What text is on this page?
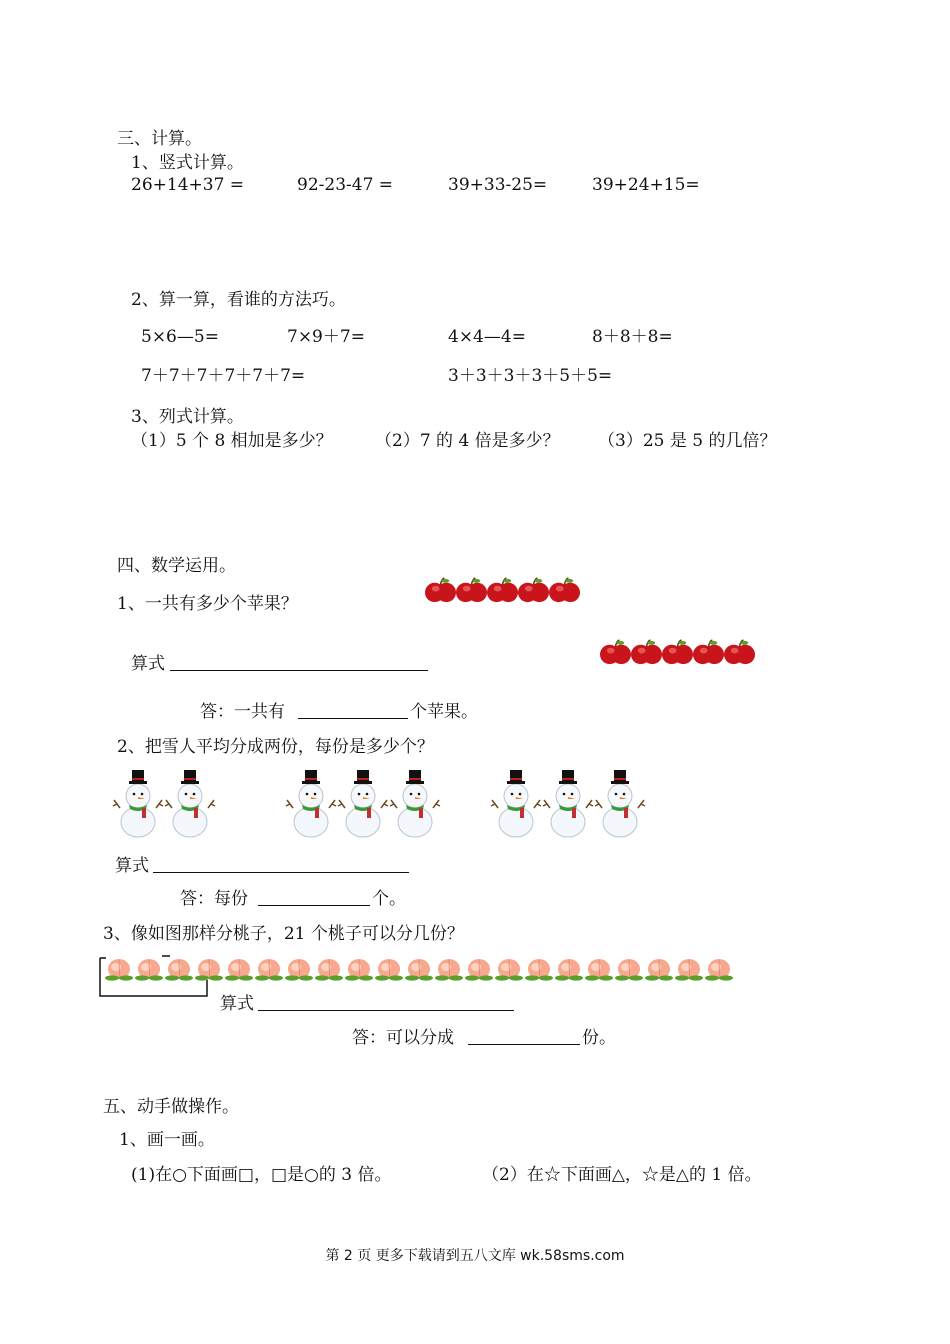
三、计算。
1、竖式计算。
26+14+37 =	92-23-47 =	39+33-25=	39+24+15=
2、算一算，看谁的方法巧。
5×6—5=	7×9＋7=	4×4—4=	8＋8＋8=
7＋7＋7＋7＋7＋7=	3＋3＋3＋3＋5＋5=
3、列式计算。
（1）5 个 8 相加是多少？ （2）7 的 4 倍是多少？ （3）25 是 5 的几倍？
四、数学运用。
1、一共有多少个苹果？
算式
答：一共有	个苹果。
2、把雪人平均分成两份，每份是多少个？
算式
答：每份	个。
3、像如图那样分桃子，21 个桃子可以分几份？
算式
答：可以分成	份。
五、动手做操作。
1、画一画。
(1)在○下面画□，□是○的 3 倍。	（2）在☆下面画△，☆是△的 1 倍。
第 2 页 更多下载请到五八文库 wk.58sms.com
